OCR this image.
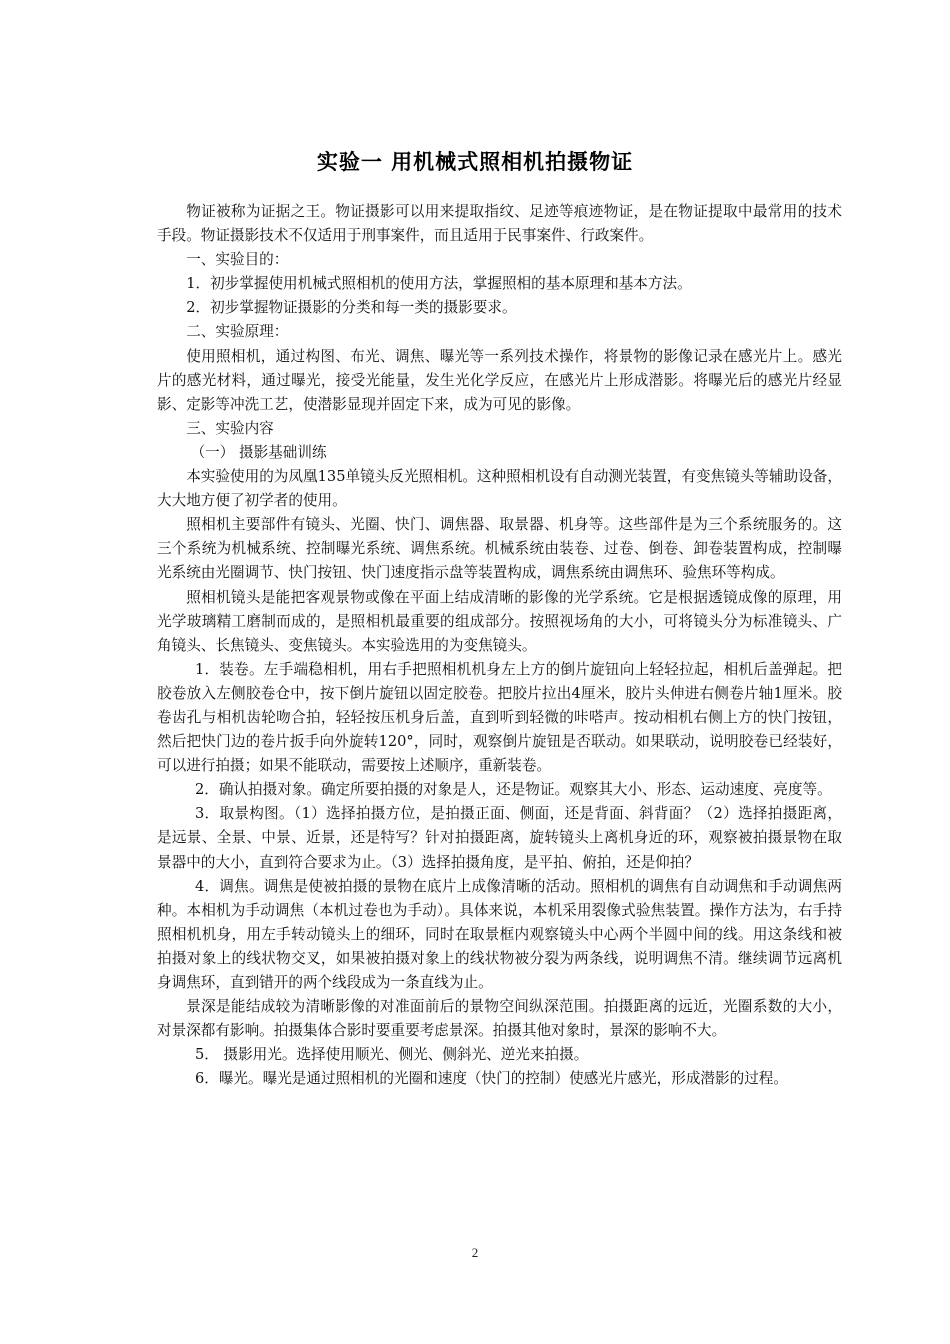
实验一 用机械式照相机拍摄物证

物证被称为证据之王。物证摄影可以用来提取指纹、足迹等痕迹物证，是在物证提取中最常用的技术手段。物证摄影技术不仅适用于刑事案件，而且适用于民事案件、行政案件。

一、实验目的：

1．初步掌握使用机械式照相机的使用方法，掌握照相的基本原理和基本方法。

2．初步掌握物证摄影的分类和每一类的摄影要求。

二、实验原理：

使用照相机，通过构图、布光、调焦、曝光等一系列技术操作，将景物的影像记录在感光片上。感光片的感光材料，通过曝光，接受光能量，发生光化学反应，在感光片上形成潜影。将曝光后的感光片经显影、定影等冲洗工艺，使潜影显现并固定下来，成为可见的影像。

三、实验内容

（一） 摄影基础训练

本实验使用的为凤凰135单镜头反光照相机。这种照相机设有自动测光装置，有变焦镜头等辅助设备，大大地方便了初学者的使用。

照相机主要部件有镜头、光圈、快门、调焦器、取景器、机身等。这些部件是为三个系统服务的。这三个系统为机械系统、控制曝光系统、调焦系统。机械系统由装卷、过卷、倒卷、卸卷装置构成，控制曝光系统由光圈调节、快门按钮、快门速度指示盘等装置构成，调焦系统由调焦环、验焦环等构成。

照相机镜头是能把客观景物或像在平面上结成清晰的影像的光学系统。它是根据透镜成像的原理，用光学玻璃精工磨制而成的，是照相机最重要的组成部分。按照视场角的大小，可将镜头分为标准镜头、广角镜头、长焦镜头、变焦镜头。本实验选用的为变焦镜头。

1．装卷。左手端稳相机，用右手把照相机机身左上方的倒片旋钮向上轻轻拉起，相机后盖弹起。把胶卷放入左侧胶卷仓中，按下倒片旋钮以固定胶卷。把胶片拉出4厘米，胶片头伸进右侧卷片轴1厘米。胶卷齿孔与相机齿轮吻合拍，轻轻按压机身后盖，直到听到轻微的咔嗒声。按动相机右侧上方的快门按钮，然后把快门边的卷片扳手向外旋转120°，同时，观察倒片旋钮是否联动。如果联动，说明胶卷已经装好，可以进行拍摄；如果不能联动，需要按上述顺序，重新装卷。

2．确认拍摄对象。确定所要拍摄的对象是人，还是物证。观察其大小、形态、运动速度、亮度等。

3．取景构图。（1）选择拍摄方位，是拍摄正面、侧面，还是背面、斜背面？（2）选择拍摄距离，是远景、全景、中景、近景，还是特写？针对拍摄距离，旋转镜头上离机身近的环，观察被拍摄景物在取景器中的大小，直到符合要求为止。（3）选择拍摄角度，是平拍、俯拍，还是仰拍？

4．调焦。调焦是使被拍摄的景物在底片上成像清晰的活动。照相机的调焦有自动调焦和手动调焦两种。本相机为手动调焦（本机过卷也为手动）。具体来说，本机采用裂像式验焦装置。操作方法为，右手持照相机机身，用左手转动镜头上的细环，同时在取景框内观察镜头中心两个半圆中间的线。用这条线和被拍摄对象上的线状物交叉，如果被拍摄对象上的线状物被分裂为两条线，说明调焦不清。继续调节远离机身调焦环，直到错开的两个线段成为一条直线为止。

景深是能结成较为清晰影像的对准面前后的景物空间纵深范围。拍摄距离的远近，光圈系数的大小，对景深都有影响。拍摄集体合影时要重要考虑景深。拍摄其他对象时，景深的影响不大。

5． 摄影用光。选择使用顺光、侧光、侧斜光、逆光来拍摄。

6．曝光。曝光是通过照相机的光圈和速度（快门的控制）使感光片感光，形成潜影的过程。

2
